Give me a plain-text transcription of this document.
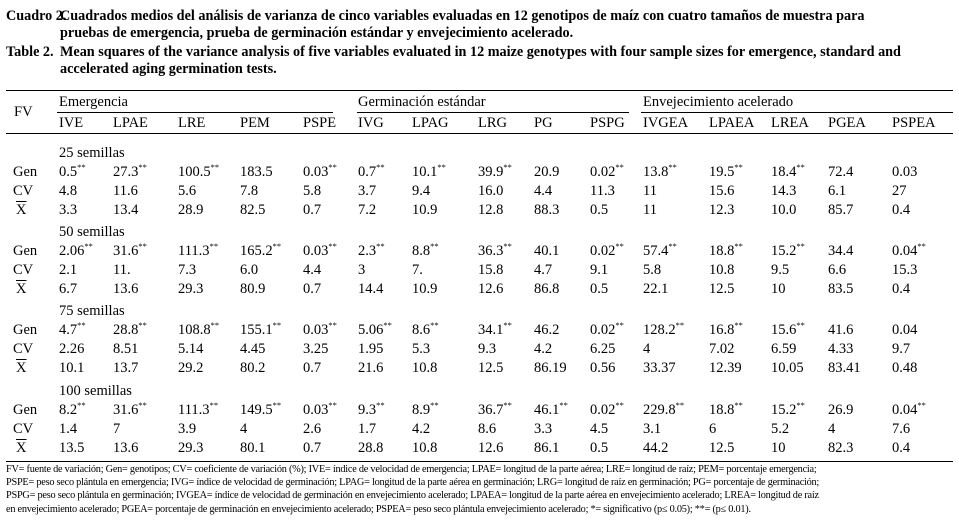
Cuadro 2.
Cuadrados medios del análisis de varianza de cinco variables evaluadas en 12 genotipos de maíz con cuatro tamaños de muestra para
pruebas de emergencia, prueba de germinación estándar y envejecimiento acelerado.
Table 2. Mean squares of the variance analysis of five variables evaluated in 12 maize genotypes with four sample sizes for emergence, standard and
accelerated aging germination tests.
FV
Emergencia	Germinación estándar	Envejecimiento acelerado
IVE LPAE LRE PEM PSPE IVG LPAG LRG PG	PSPG IVGEA LPAEA LREA PGEA PSPEA
25 semillas
Gen 0.5** 27.3** 100.5** 183.5 0.03** 0.7** 10.1** 39.9** 20.9 0.02** 13.8** 19.5** 18.4** 72.4	0.03
CV 4.8 11.6	5.6	7.8	5.8	3.7 9.4	16.0 4.4	11.3 11	15.6	14.3 6.1	27
$\overline{X}$ 3.3 13.4	28.9	82.5	0.7	7.2 10.9	12.8 88.3 0.5 11	12.3	10.0 85.7	0.4
50 semillas
Gen 2.06** 31.6** 111.3** 165.2** 0.03** 2.3** 8.8**	36.3** 40.1 0.02** 57.4** 18.8** 15.2** 34.4	0.04**
CV 2.1 11.	7.3	6.0	4.4	3	7.	15.8 4.7	9.1 5.8	10.8	9.5	6.6	15.3
$\overline{X}$ 6.7 13.6	29.3	80.9	0.7	14.4 10.9	12.6 86.8 0.5 22.1	12.5	10	83.5	0.4
75 semillas
Gen 4.7** 28.8** 108.8** 155.1** 0.03** 5.06** 8.6**	34.1** 46.2 0.02** 128.2** 16.8** 15.6** 41.6	0.04
CV 2.26 8.51	5.14	4.45	3.25 1.95 5.3	9.3	4.2	6.25 4	7.02	6.59 4.33	9.7
$\overline{X}$ 10.1 13.7	29.2	80.2	0.7	21.6 10.8	12.5 86.19 0.56 33.37 12.39 10.05 83.41 0.48
100 semillas
Gen 8.2** 31.6** 111.3** 149.5** 0.03** 9.3** 8.9**	36.7** 46.1** 0.02** 229.8** 18.8** 15.2** 26.9	0.04**
CV 1.4 7	3.9	4	2.6	1.7 4.2	8.6	3.3	4.5 3.1	6	5.2	4	7.6
$\overline{X}$ 13.5 13.6	29.3	80.1	0.7	28.8 10.8	12.6 86.1 0.5 44.2	12.5	10	82.3	0.4
FV= fuente de variación; Gen= genotipos; CV= coeficiente de variación (%); IVE= índice de velocidad de emergencia; LPAE= longitud de la parte aérea; LRE= longitud de raíz; PEM= porcentaje emergencia;
PSPE= peso seco plántula en emergencia; IVG= índice de velocidad de germinación; LPAG= longitud de la parte aérea en germinación; LRG= longitud de raíz en germinación; PG= porcentaje de germinación;
PSPG= peso seco plántula en germinación; IVGEA= índice de velocidad de germinación en envejecimiento acelerado; LPAEA= longitud de la parte aérea en envejecimiento acelerado; LREA= longitud de raíz
en envejecimiento acelerado; PGEA= porcentaje de germinación en envejecimiento acelerado; PSPEA= peso seco plántula envejecimiento acelerado; *= significativo (p≤ 0.05); **= (p≤ 0.01).
